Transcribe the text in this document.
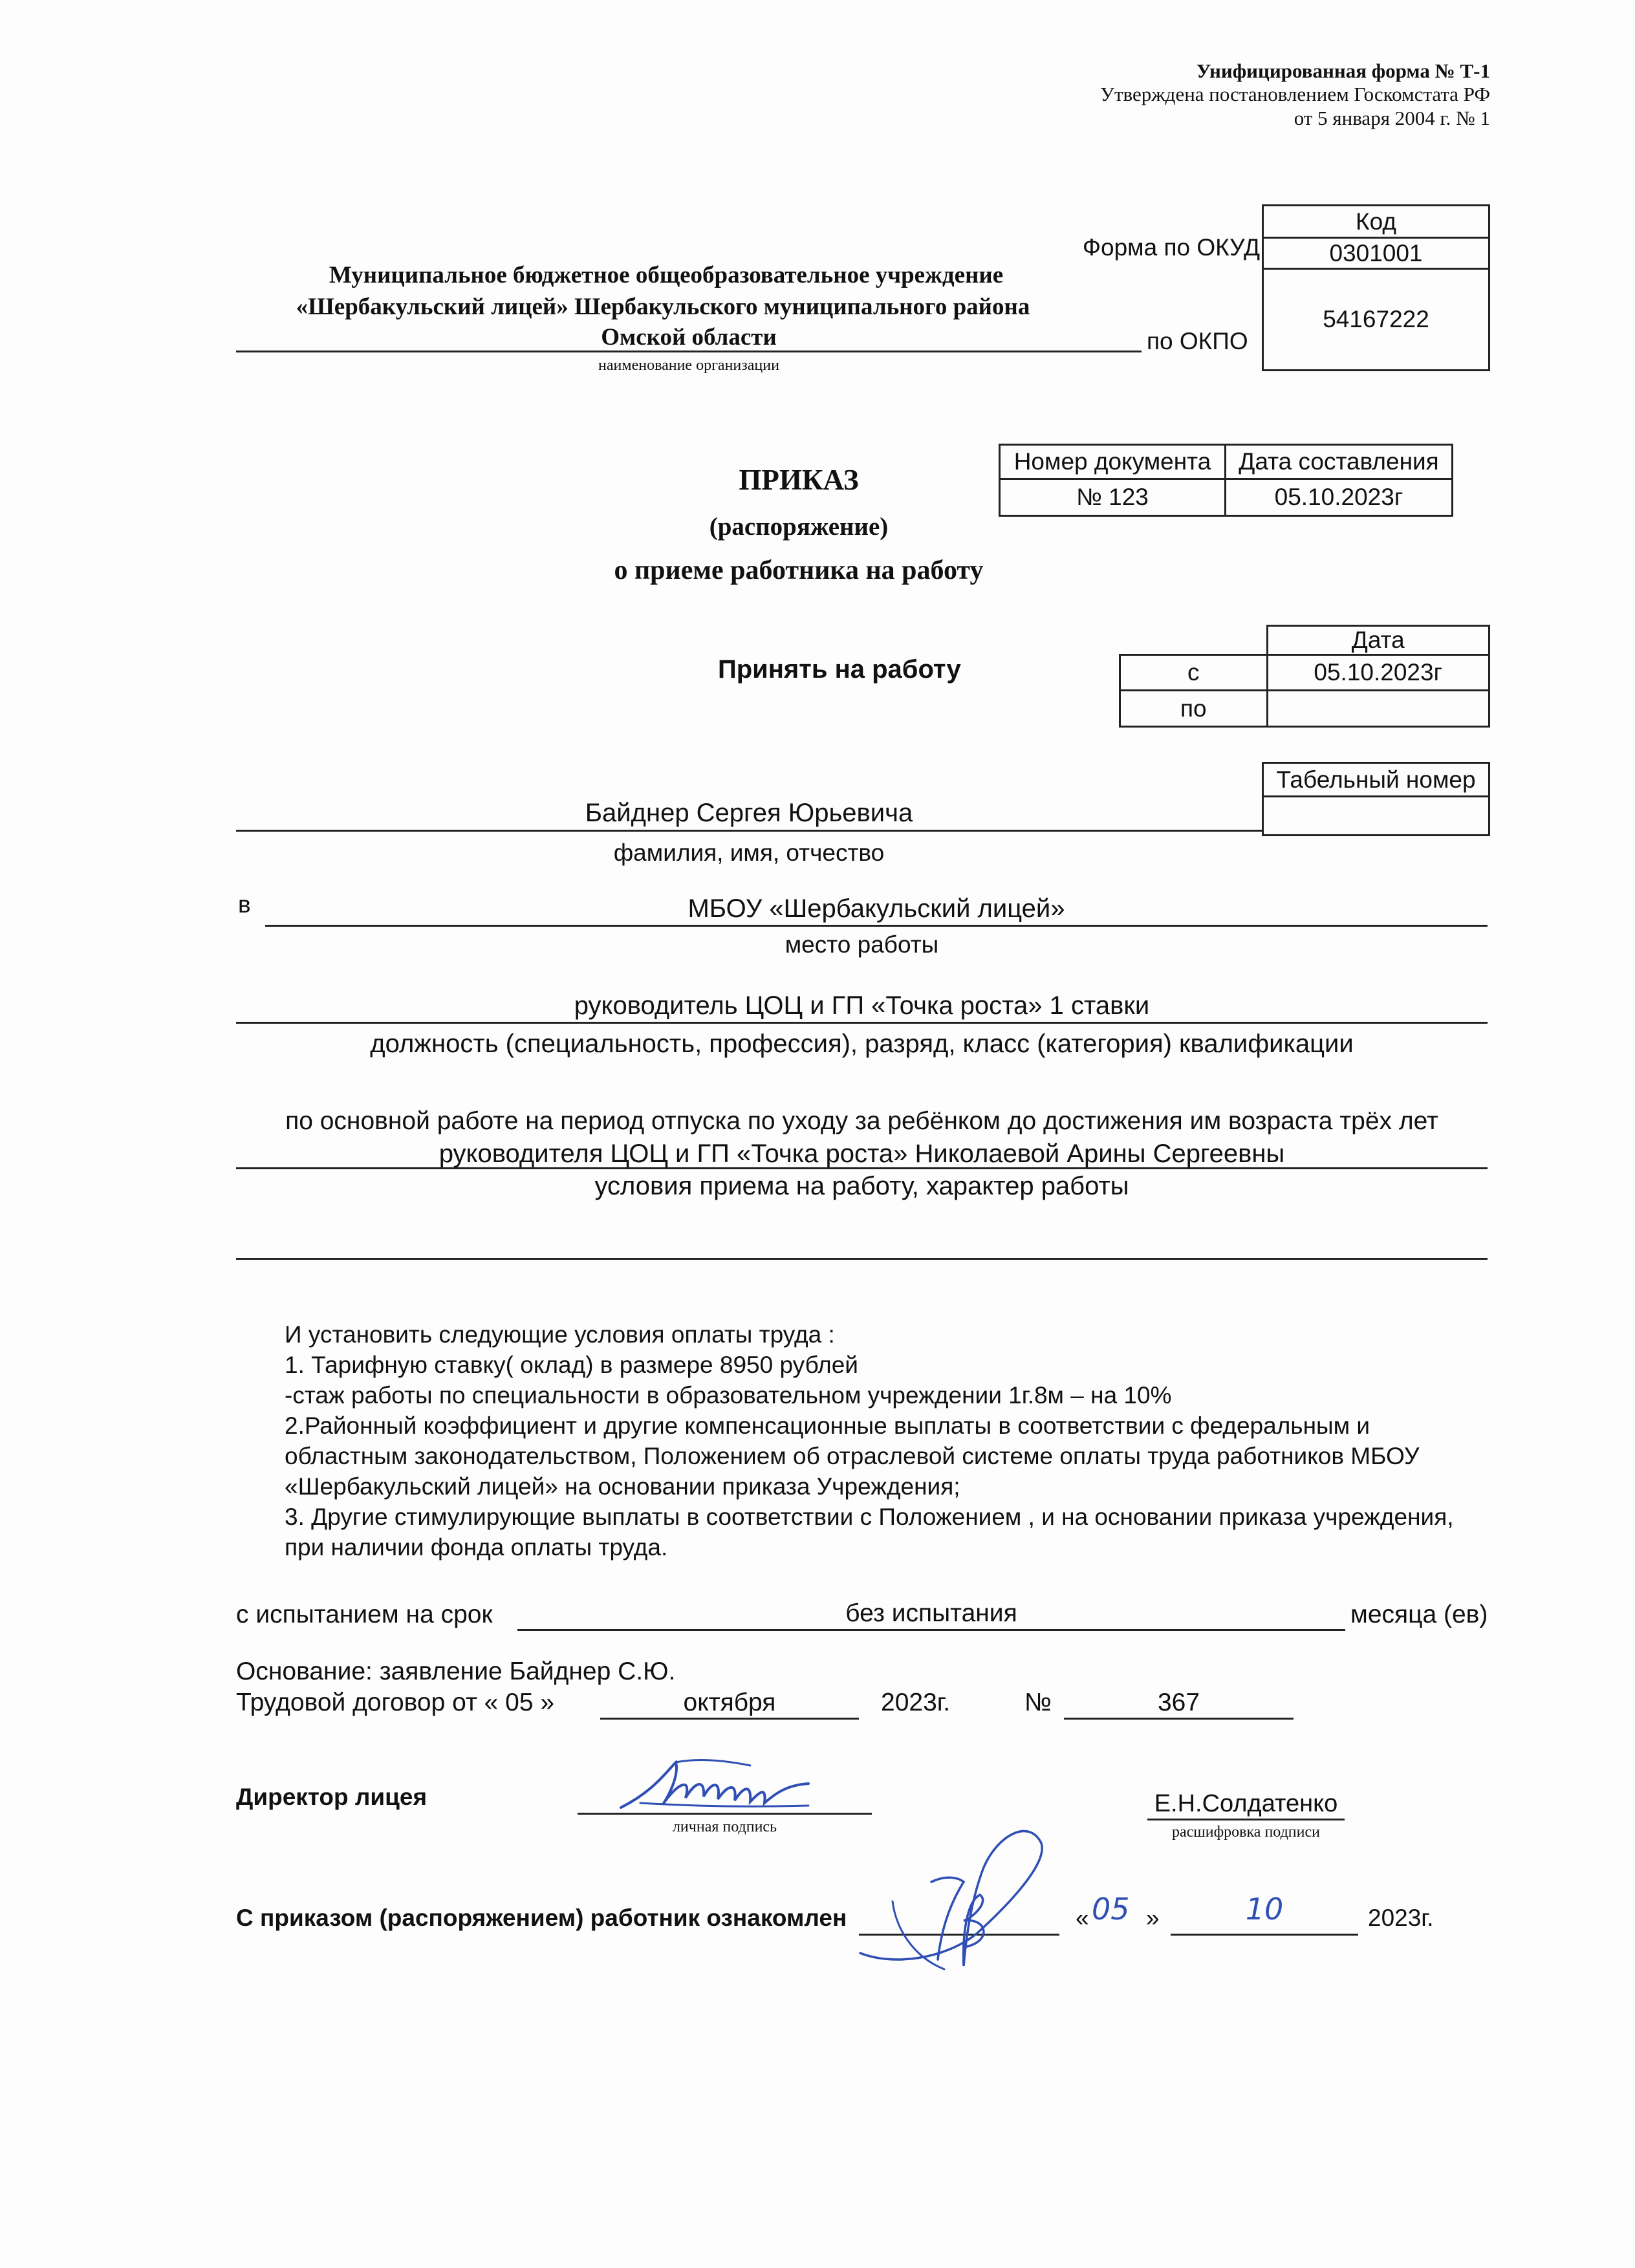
Унифицированная форма № Т-1
Утверждена постановлением Госкомстата РФ
от 5 января 2004 г. № 1
Код
0301001
54167222
Форма по ОКУД
по ОКПО
Муниципальное бюджетное общеобразовательное учреждение
«Шербакульский лицей» Шербакульского муниципального района
Омской области
наименование организации
Номер документа	Дата составления
№ 123	05.10.2023г
ПРИКАЗ
(распоряжение)
о приеме работника на работу
Принять на работу
	Дата
с	05.10.2023г
по	
Табельный номер

Байднер Сергея Юрьевича
фамилия, имя, отчество
в	МБОУ «Шербакульский лицей»
место работы
руководитель ЦОЦ и ГП «Точка роста» 1 ставки
должность (специальность, профессия), разряд, класс (категория) квалификации
по основной работе на период отпуска по уходу за ребёнком до достижения им возраста трёх лет
руководителя ЦОЦ и ГП «Точка роста» Николаевой Арины Сергеевны
условия приема на работу, характер работы
И установить следующие условия оплаты труда :
1. Тарифную ставку( оклад) в размере 8950 рублей
-стаж работы по специальности в образовательном учреждении 1г.8м – на 10%
2.Районный коэффициент и другие компенсационные выплаты в соответствии с федеральным и
областным законодательством, Положением об отраслевой системе оплаты труда работников МБОУ
«Шербакульский лицей» на основании приказа Учреждения;
3. Другие стимулирующие выплаты в соответствии с Положением , и на основании приказа учреждения,
при наличии фонда оплаты труда.
с испытанием на срок	без испытания	месяца (ев)
Основание: заявление Байднер С.Ю.
Трудовой договор от « 05 »	октября	2023г.	№	367
Директор лицея
личная подпись
Е.Н.Солдатенко
расшифровка подписи
С приказом (распоряжением) работник ознакомлен	« 05 »	10	2023г.
